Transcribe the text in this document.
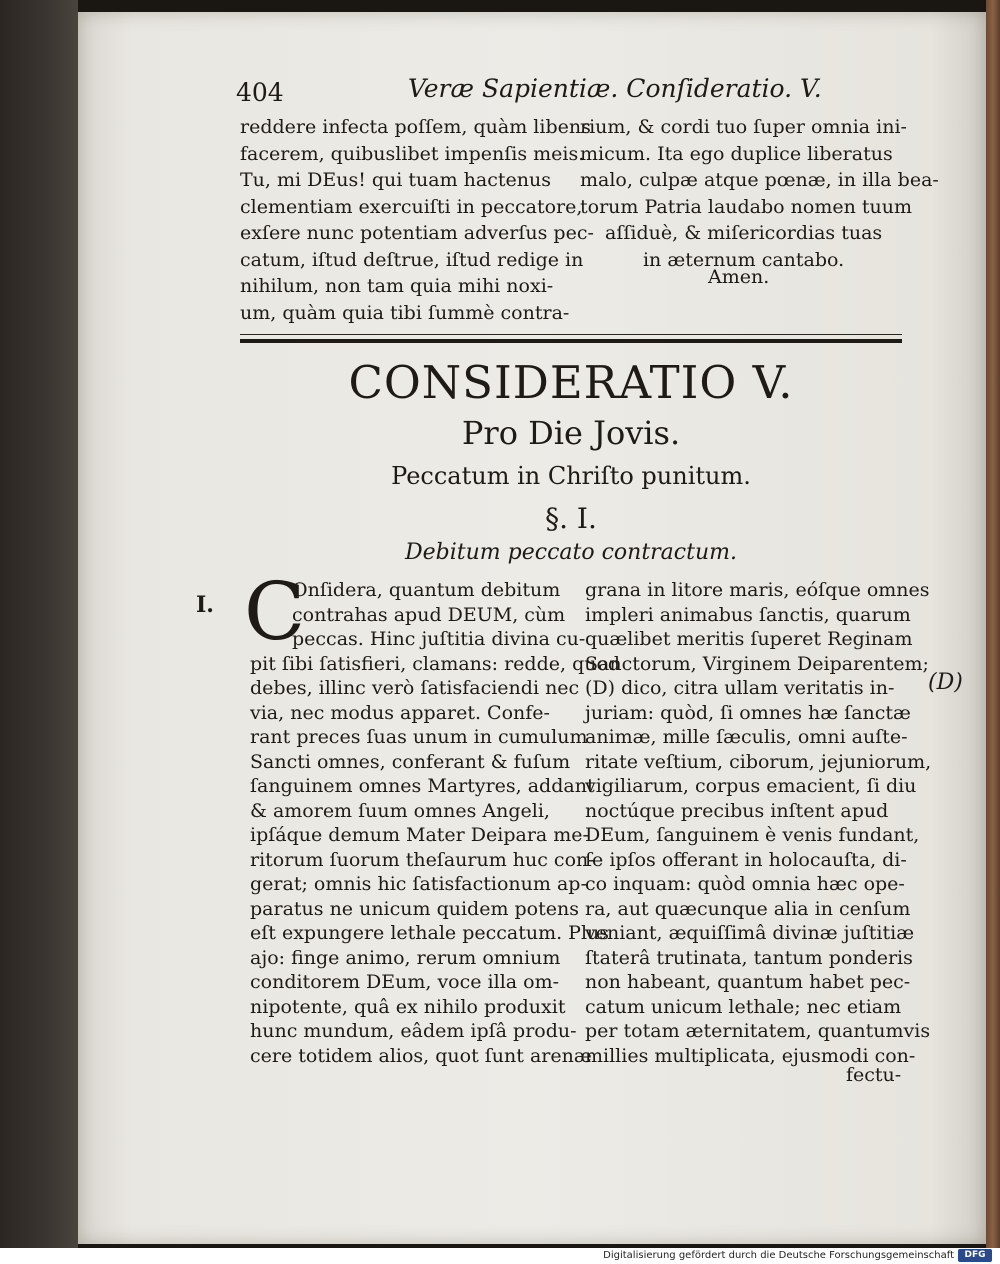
404	Veræ Sapientiæ. Conſideratio. V.
reddere infecta poſſem, quàm libens
facerem, quibuslibet impenſis meis.
Tu, mi DEus! qui tuam hactenus
clementiam exercuiſti in peccatore,
exſere nunc potentiam adverſus pec-
catum, iſtud deſtrue, iſtud redige in
nihilum, non tam quia mihi noxi-
um, quàm quia tibi ſummè contra-
rium, & cordi tuo ſuper omnia ini-
micum. Ita ego duplice liberatus
malo, culpæ atque pœnæ, in illa bea-
torum Patria laudabo nomen tuum
aſſiduè, & miſericordias tuas
in æternum cantabo.
Amen.
CONSIDERATIO V.
Pro Die Jovis.
Peccatum in Chriſto punitum.
§. I.
Debitum peccato contractum.
I.
(D)
C
Onſidera, quantum debitum
contrahas apud DEUM, cùm
peccas. Hinc juſtitia divina cu-
pit ſibi ſatisfieri, clamans: redde, quod
debes, illinc verò ſatisfaciendi nec
via, nec modus apparet. Confe-
rant preces ſuas unum in cumulum
Sancti omnes, conferant & fuſum
ſanguinem omnes Martyres, addant
& amorem ſuum omnes Angeli,
ipſáque demum Mater Deipara me-
ritorum ſuorum theſaurum huc con-
gerat; omnis hic ſatisfactionum ap-
paratus ne unicum quidem potens
eſt expungere lethale peccatum. Plus
ajo: finge animo, rerum omnium
conditorem DEum, voce illa om-
nipotente, quâ ex nihilo produxit
hunc mundum, eâdem ipſâ produ-
cere totidem alios, quot ſunt arenæ
grana in litore maris, eóſque omnes
impleri animabus ſanctis, quarum
quælibet meritis ſuperet Reginam
Sanctorum, Virginem Deiparentem;
(D) dico, citra ullam veritatis in-
juriam: quòd, ſi omnes hæ ſanctæ
animæ, mille ſæculis, omni auſte-
ritate veſtium, ciborum, jejuniorum,
vigiliarum, corpus emacient, ſi diu
noctúque precibus inſtent apud
DEum, ſanguinem è venis fundant,
ſe ipſos offerant in holocauſta, di-
co inquam: quòd omnia hæc ope-
ra, aut quæcunque alia in cenſum
veniant, æquiſſimâ divinæ juſtitiæ
ſtaterâ trutinata, tantum ponderis
non habeant, quantum habet pec-
catum unicum lethale; nec etiam
per totam æternitatem, quantumvis
millies multiplicata, ejusmodi con-
fectu-
Digitalisierung gefördert durch die Deutsche Forschungsgemeinschaft	DFG
